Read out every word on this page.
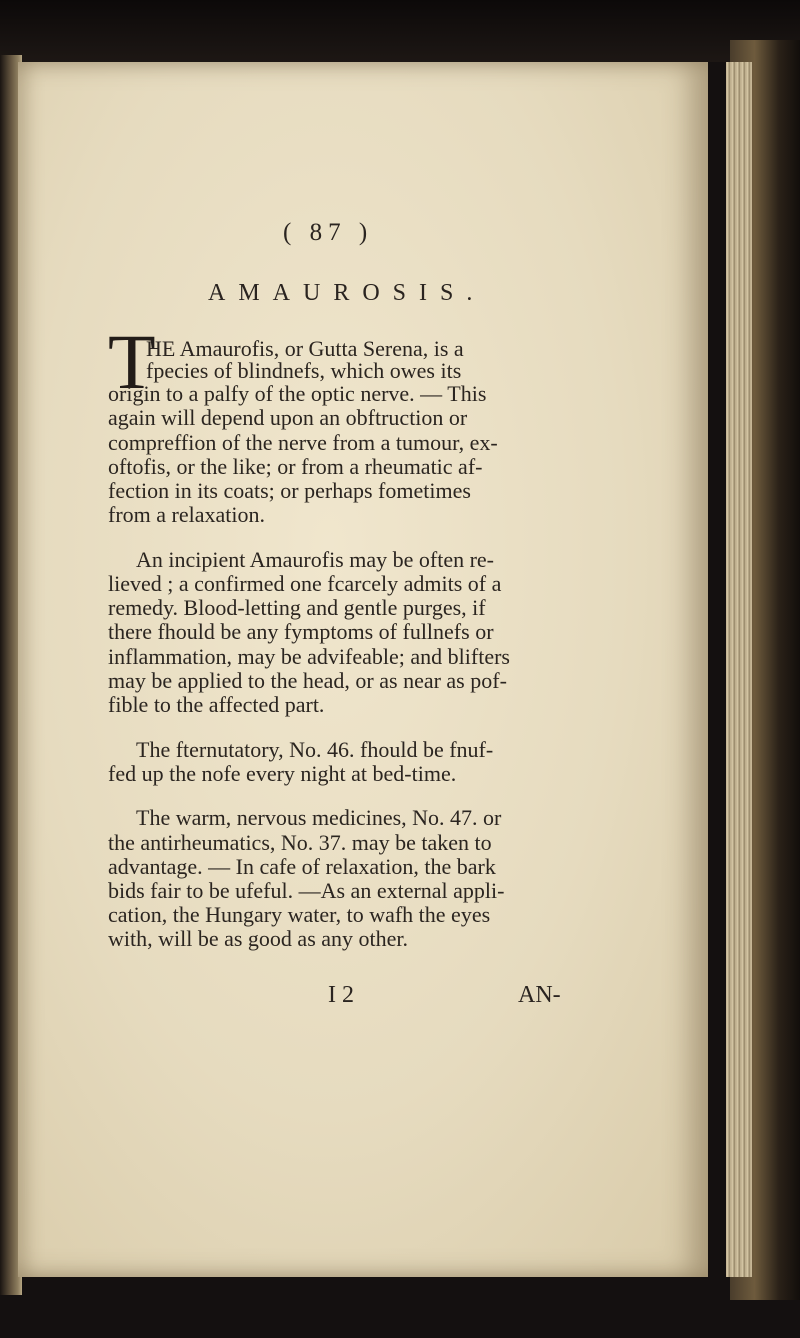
( 87 )
AMAUROSIS.
T
HE Amaurofis, or Gutta Serena, is a
fpecies of blindnefs, which owes its
origin to a palfy of the optic nerve. — This
again will depend upon an obftruction or
compreffion of the nerve from a tumour, ex-
oftofis, or the like; or from a rheumatic af-
fection in its coats; or perhaps fometimes
from a relaxation.
An incipient Amaurofis may be often re-
lieved ; a confirmed one fcarcely admits of a
remedy. Blood-letting and gentle purges, if
there fhould be any fymptoms of fullnefs or
inflammation, may be advifeable; and blifters
may be applied to the head, or as near as pof-
fible to the affected part.
The fternutatory, No. 46. fhould be fnuf-
fed up the nofe every night at bed-time.
The warm, nervous medicines, No. 47. or
the antirheumatics, No. 37. may be taken to
advantage. — In cafe of relaxation, the bark
bids fair to be ufeful. —As an external appli-
cation, the Hungary water, to wafh the eyes
with, will be as good as any other.
I 2	AN-
